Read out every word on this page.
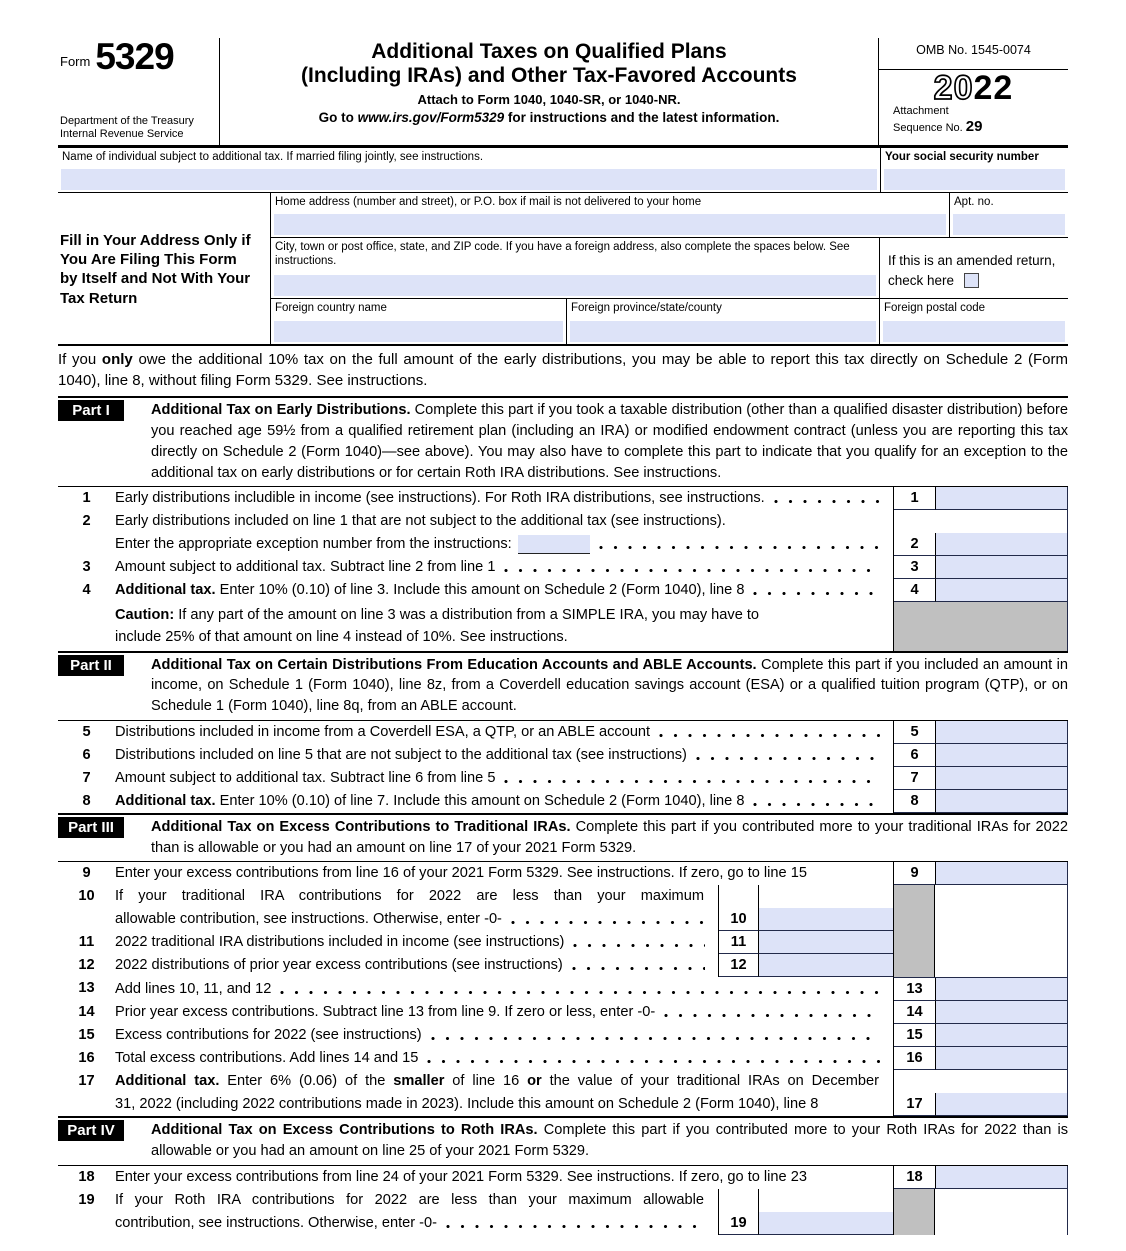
Form 5329
Department of the Treasury
Internal Revenue Service
Additional Taxes on Qualified Plans
(Including IRAs) and Other Tax-Favored Accounts
Attach to Form 1040, 1040-SR, or 1040-NR.
Go to www.irs.gov/Form5329 for instructions and the latest information.
OMB No. 1545-0074
2022
Attachment
Sequence No. 29
Name of individual subject to additional tax. If married filing jointly, see instructions.	Your social security number
Fill in Your Address Only if You Are Filing This Form by Itself and Not With Your Tax Return
Home address (number and street), or P.O. box if mail is not delivered to your home	Apt. no.
City, town or post office, state, and ZIP code. If you have a foreign address, also complete the spaces below. See instructions.	If this is an amended return, check here
Foreign country name	Foreign province/state/county	Foreign postal code
If you only owe the additional 10% tax on the full amount of the early distributions, you may be able to report this tax directly on Schedule 2 (Form 1040), line 8, without filing Form 5329. See instructions.
Part I	Additional Tax on Early Distributions. Complete this part if you took a taxable distribution (other than a qualified disaster distribution) before you reached age 59½ from a qualified retirement plan (including an IRA) or modified endowment contract (unless you are reporting this tax directly on Schedule 2 (Form 1040)—see above). You may also have to complete this part to indicate that you qualify for an exception to the additional tax on early distributions or for certain Roth IRA distributions. See instructions.
1	Early distributions includible in income (see instructions). For Roth IRA distributions, see instructions.	1
2	Early distributions included on line 1 that are not subject to the additional tax (see instructions).
Enter the appropriate exception number from the instructions:	2
3	Amount subject to additional tax. Subtract line 2 from line 1	3
4	Additional tax. Enter 10% (0.10) of line 3. Include this amount on Schedule 2 (Form 1040), line 8	4
Caution: If any part of the amount on line 3 was a distribution from a SIMPLE IRA, you may have to
include 25% of that amount on line 4 instead of 10%. See instructions.
Part II	Additional Tax on Certain Distributions From Education Accounts and ABLE Accounts. Complete this part if you included an amount in income, on Schedule 1 (Form 1040), line 8z, from a Coverdell education savings account (ESA) or a qualified tuition program (QTP), or on Schedule 1 (Form 1040), line 8q, from an ABLE account.
5	Distributions included in income from a Coverdell ESA, a QTP, or an ABLE account	5
6	Distributions included on line 5 that are not subject to the additional tax (see instructions)	6
7	Amount subject to additional tax. Subtract line 6 from line 5	7
8	Additional tax. Enter 10% (0.10) of line 7. Include this amount on Schedule 2 (Form 1040), line 8	8
Part III	Additional Tax on Excess Contributions to Traditional IRAs. Complete this part if you contributed more to your traditional IRAs for 2022 than is allowable or you had an amount on line 17 of your 2021 Form 5329.
9	Enter your excess contributions from line 16 of your 2021 Form 5329. See instructions. If zero, go to line 15	9
10	If your traditional IRA contributions for 2022 are less than your maximum
allowable contribution, see instructions. Otherwise, enter -0-	10
11	2022 traditional IRA distributions included in income (see instructions)	11
12	2022 distributions of prior year excess contributions (see instructions)	12
13	Add lines 10, 11, and 12	13
14	Prior year excess contributions. Subtract line 13 from line 9. If zero or less, enter -0-	14
15	Excess contributions for 2022 (see instructions)	15
16	Total excess contributions. Add lines 14 and 15	16
17	Additional tax. Enter 6% (0.06) of the smaller of line 16 or the value of your traditional IRAs on December
31, 2022 (including 2022 contributions made in 2023). Include this amount on Schedule 2 (Form 1040), line 8	17
Part IV	Additional Tax on Excess Contributions to Roth IRAs. Complete this part if you contributed more to your Roth IRAs for 2022 than is allowable or you had an amount on line 25 of your 2021 Form 5329.
18	Enter your excess contributions from line 24 of your 2021 Form 5329. See instructions. If zero, go to line 23	18
19	If your Roth IRA contributions for 2022 are less than your maximum allowable
contribution, see instructions. Otherwise, enter -0-	19
